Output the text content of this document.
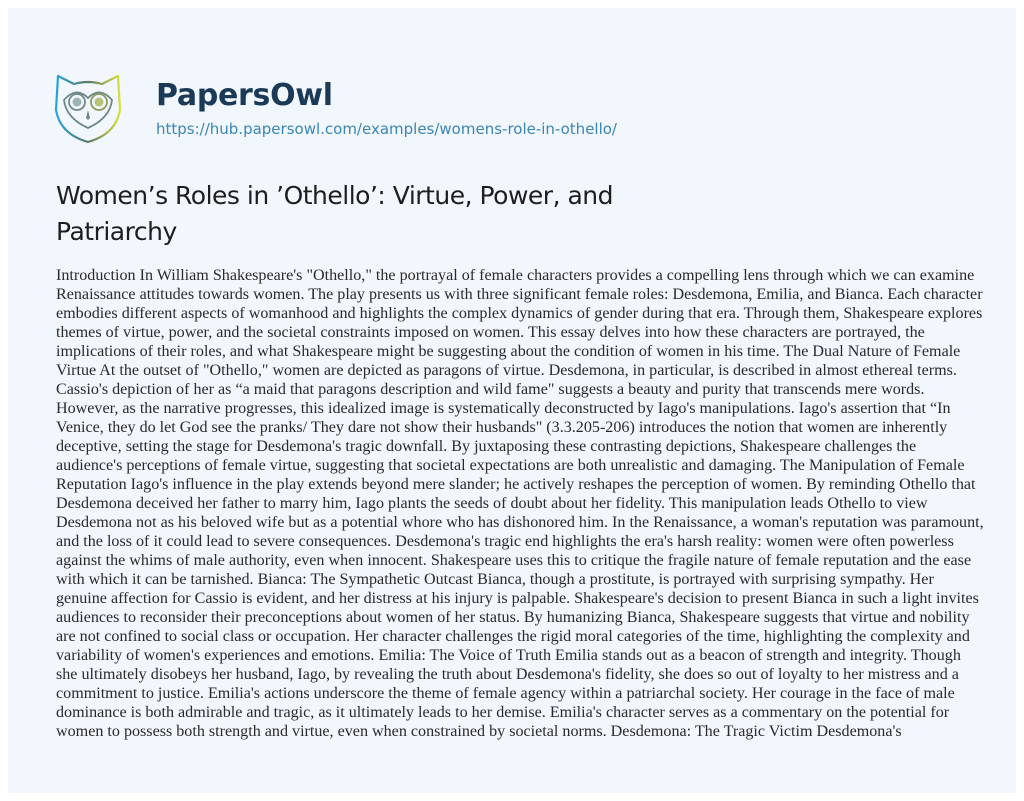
PapersOwl
https://hub.papersowl.com/examples/womens-role-in-othello/
Women’s Roles in ’Othello’: Virtue, Power, and Patriarchy

Introduction In William Shakespeare's "Othello," the portrayal of female characters provides a compelling lens through which we can examine Renaissance attitudes towards women. The play presents us with three significant female roles: Desdemona, Emilia, and Bianca. Each character embodies different aspects of womanhood and highlights the complex dynamics of gender during that era. Through them, Shakespeare explores themes of virtue, power, and the societal constraints imposed on women. This essay delves into how these characters are portrayed, the implications of their roles, and what Shakespeare might be suggesting about the condition of women in his time. The Dual Nature of Female Virtue At the outset of "Othello," women are depicted as paragons of virtue. Desdemona, in particular, is described in almost ethereal terms. Cassio's depiction of her as “a maid that paragons description and wild fame" suggests a beauty and purity that transcends mere words. However, as the narrative progresses, this idealized image is systematically deconstructed by Iago's manipulations. Iago's assertion that “In Venice, they do let God see the pranks/ They dare not show their husbands" (3.3.205-206) introduces the notion that women are inherently deceptive, setting the stage for Desdemona's tragic downfall. By juxtaposing these contrasting depictions, Shakespeare challenges the audience's perceptions of female virtue, suggesting that societal expectations are both unrealistic and damaging. The Manipulation of Female Reputation Iago's influence in the play extends beyond mere slander; he actively reshapes the perception of women. By reminding Othello that Desdemona deceived her father to marry him, Iago plants the seeds of doubt about her fidelity. This manipulation leads Othello to view Desdemona not as his beloved wife but as a potential whore who has dishonored him. In the Renaissance, a woman's reputation was paramount, and the loss of it could lead to severe consequences. Desdemona's tragic end highlights the era's harsh reality: women were often powerless against the whims of male authority, even when innocent. Shakespeare uses this to critique the fragile nature of female reputation and the ease with which it can be tarnished. Bianca: The Sympathetic Outcast Bianca, though a prostitute, is portrayed with surprising sympathy. Her genuine affection for Cassio is evident, and her distress at his injury is palpable. Shakespeare's decision to present Bianca in such a light invites audiences to reconsider their preconceptions about women of her status. By humanizing Bianca, Shakespeare suggests that virtue and nobility are not confined to social class or occupation. Her character challenges the rigid moral categories of the time, highlighting the complexity and variability of women's experiences and emotions. Emilia: The Voice of Truth Emilia stands out as a beacon of strength and integrity. Though she ultimately disobeys her husband, Iago, by revealing the truth about Desdemona's fidelity, she does so out of loyalty to her mistress and a commitment to justice. Emilia's actions underscore the theme of female agency within a patriarchal society. Her courage in the face of male dominance is both admirable and tragic, as it ultimately leads to her demise. Emilia's character serves as a commentary on the potential for women to possess both strength and virtue, even when constrained by societal norms. Desdemona: The Tragic Victim Desdemona's
